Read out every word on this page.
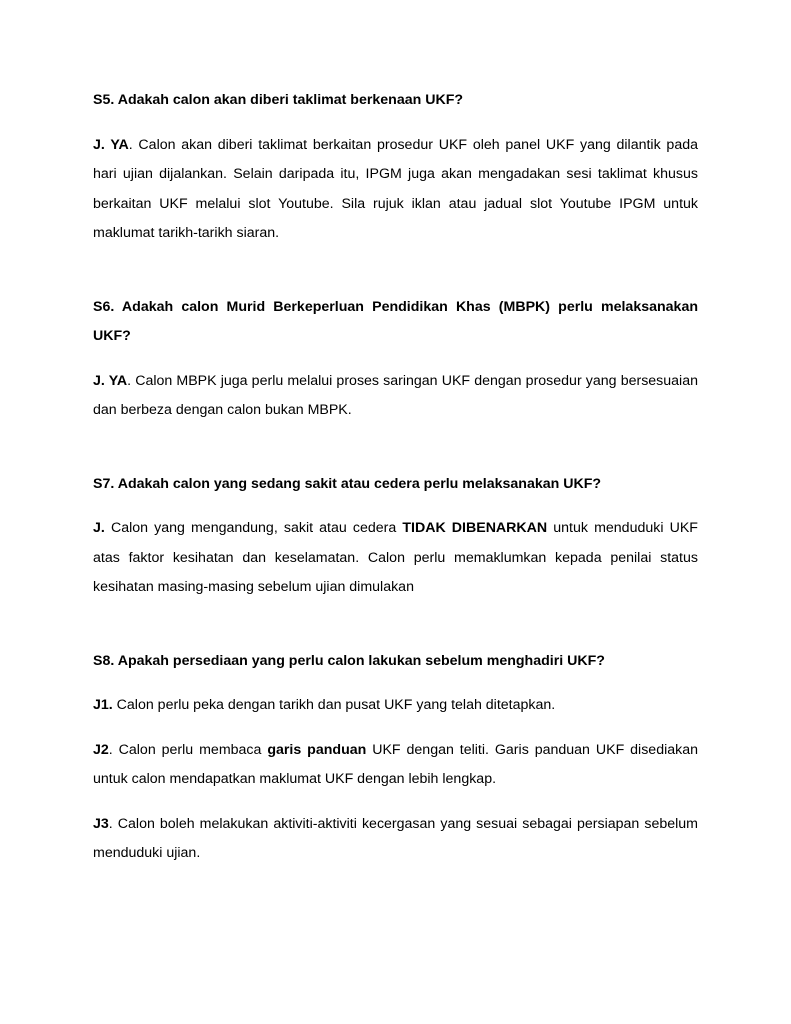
S5. Adakah calon akan diberi taklimat berkenaan UKF?

J. YA. Calon akan diberi taklimat berkaitan prosedur UKF oleh panel UKF yang dilantik pada hari ujian dijalankan. Selain daripada itu, IPGM juga akan mengadakan sesi taklimat khusus berkaitan UKF melalui slot Youtube. Sila rujuk iklan atau jadual slot Youtube IPGM untuk maklumat tarikh-tarikh siaran.

S6. Adakah calon Murid Berkeperluan Pendidikan Khas (MBPK) perlu melaksanakan UKF?

J. YA. Calon MBPK juga perlu melalui proses saringan UKF dengan prosedur yang bersesuaian dan berbeza dengan calon bukan MBPK.

S7. Adakah calon yang sedang sakit atau cedera perlu melaksanakan UKF?

J. Calon yang mengandung, sakit atau cedera TIDAK DIBENARKAN untuk menduduki UKF atas faktor kesihatan dan keselamatan. Calon perlu memaklumkan kepada penilai status kesihatan masing-masing sebelum ujian dimulakan

S8. Apakah persediaan yang perlu calon lakukan sebelum menghadiri UKF?

J1. Calon perlu peka dengan tarikh dan pusat UKF yang telah ditetapkan.

J2. Calon perlu membaca garis panduan UKF dengan teliti. Garis panduan UKF disediakan untuk calon mendapatkan maklumat UKF dengan lebih lengkap.

J3. Calon boleh melakukan aktiviti-aktiviti kecergasan yang sesuai sebagai persiapan sebelum menduduki ujian.
